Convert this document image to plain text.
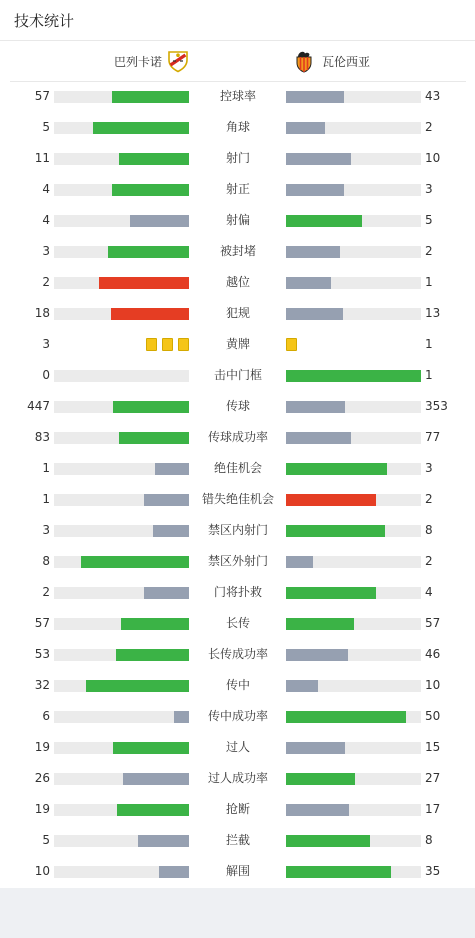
技术统计
巴列卡诺	瓦伦西亚
57	控球率	43
5	角球	2
11	射门	10
4	射正	3
4	射偏	5
3	被封堵	2
2	越位	1
18	犯规	13
3	黄牌	1
0	击中门框	1
447	传球	353
83	传球成功率	77
1	绝佳机会	3
1	错失绝佳机会	2
3	禁区内射门	8
8	禁区外射门	2
2	门将扑救	4
57	长传	57
53	长传成功率	46
32	传中	10
6	传中成功率	50
19	过人	15
26	过人成功率	27
19	抢断	17
5	拦截	8
10	解围	35
